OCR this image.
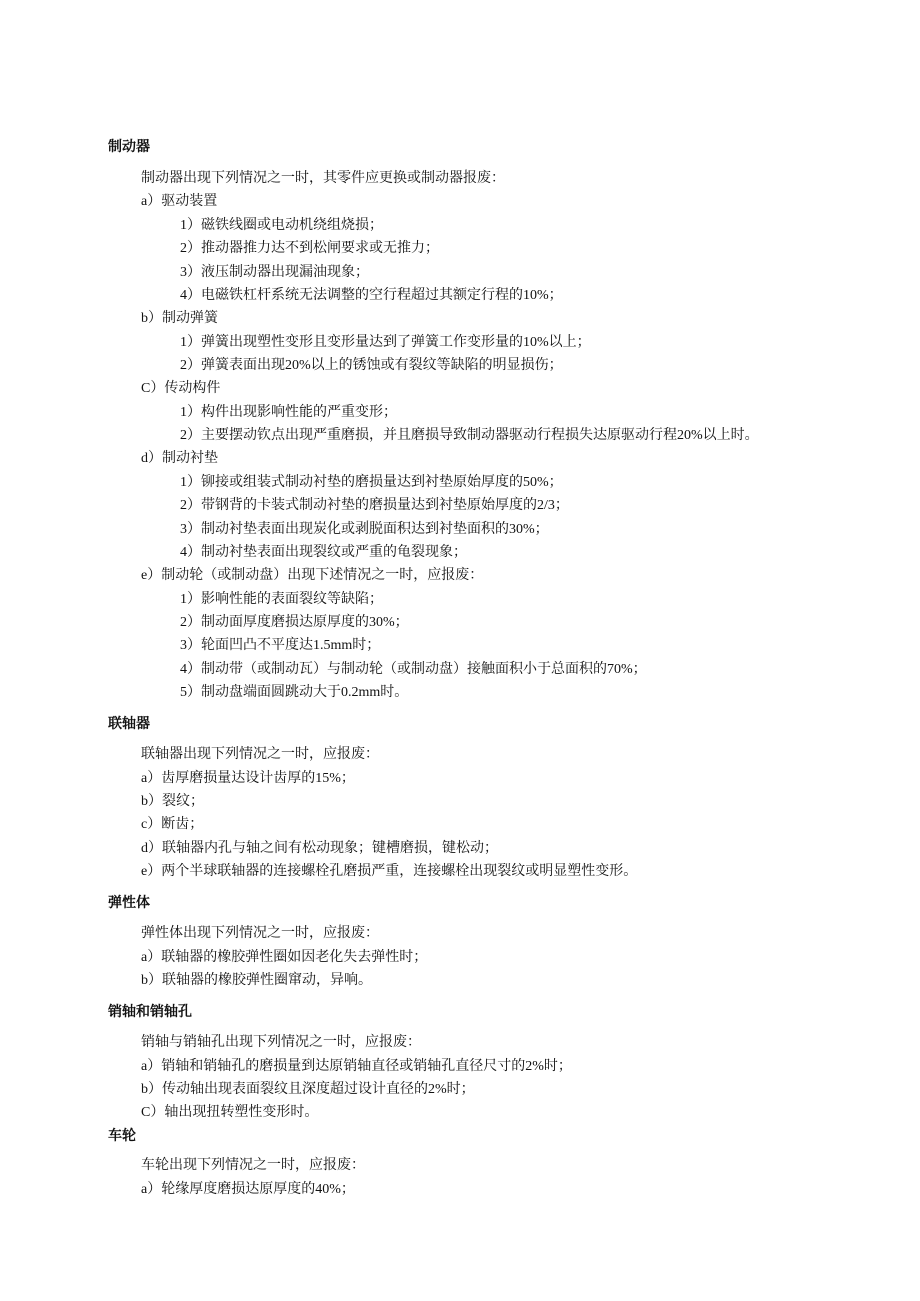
制动器
制动器出现下列情况之一时，其零件应更换或制动器报废：
a）驱动装置
1）磁铁线圈或电动机绕组烧损；
2）推动器推力达不到松闸要求或无推力；
3）液压制动器出现漏油现象；
4）电磁铁杠杆系统无法调整的空行程超过其额定行程的10%；
b）制动弹簧
1）弹簧出现塑性变形且变形量达到了弹簧工作变形量的10%以上；
2）弹簧表面出现20%以上的锈蚀或有裂纹等缺陷的明显损伤；
C）传动构件
1）构件出现影响性能的严重变形；
2）主要摆动钦点出现严重磨损，并且磨损导致制动器驱动行程损失达原驱动行程20%以上时。
d）制动衬垫
1）铆接或组装式制动衬垫的磨损量达到衬垫原始厚度的50%；
2）带钢背的卡装式制动衬垫的磨损量达到衬垫原始厚度的2/3；
3）制动衬垫表面出现炭化或剥脱面积达到衬垫面积的30%；
4）制动衬垫表面出现裂纹或严重的龟裂现象；
e）制动轮（或制动盘）出现下述情况之一时，应报废：
1）影响性能的表面裂纹等缺陷；
2）制动面厚度磨损达原厚度的30%；
3）轮面凹凸不平度达1.5mm时；
4）制动带（或制动瓦）与制动轮（或制动盘）接触面积小于总面积的70%；
5）制动盘端面圆跳动大于0.2mm时。
联轴器
联轴器出现下列情况之一时，应报废：
a）齿厚磨损量达设计齿厚的15%；
b）裂纹；
c）断齿；
d）联轴器内孔与轴之间有松动现象；键槽磨损，键松动；
e）两个半球联轴器的连接螺栓孔磨损严重，连接螺栓出现裂纹或明显塑性变形。
弹性体
弹性体出现下列情况之一时，应报废：
a）联轴器的橡胶弹性圈如因老化失去弹性时；
b）联轴器的橡胶弹性圈窜动，异响。
销轴和销轴孔
销轴与销轴孔出现下列情况之一时，应报废：
a）销轴和销轴孔的磨损量到达原销轴直径或销轴孔直径尺寸的2%时；
b）传动轴出现表面裂纹且深度超过设计直径的2%时；
C）轴出现扭转塑性变形时。
车轮
车轮出现下列情况之一时，应报废：
a）轮缘厚度磨损达原厚度的40%；
